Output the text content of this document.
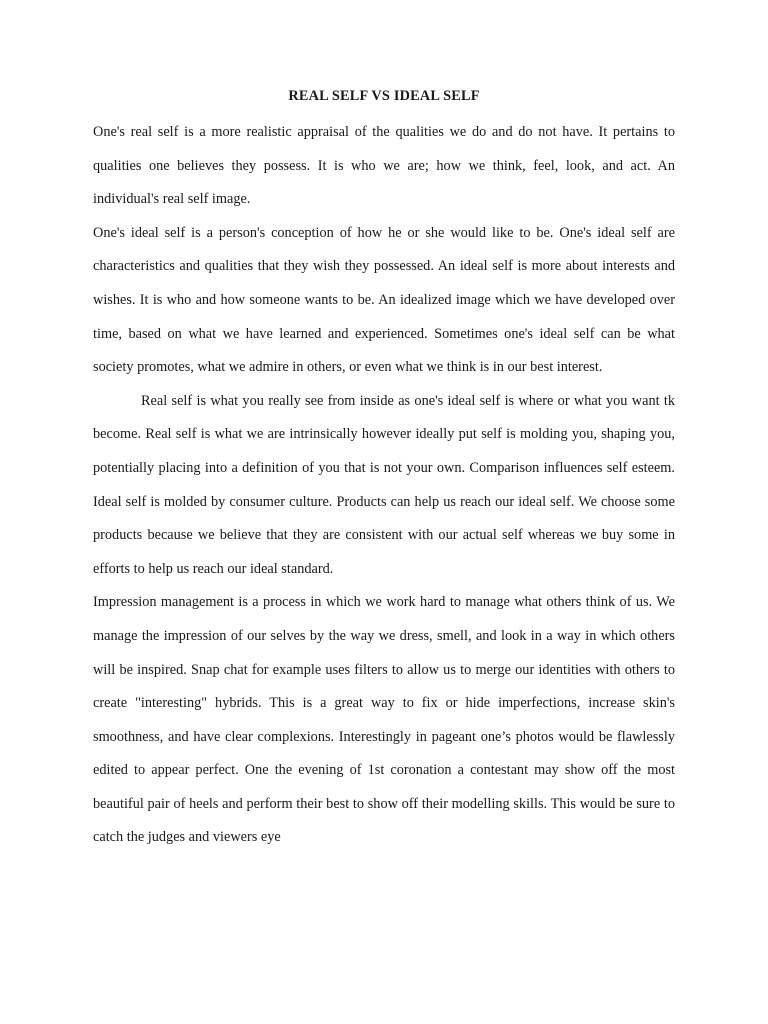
REAL SELF VS IDEAL SELF

One's real self is a more realistic appraisal of the qualities we do and do not have. It pertains to qualities one believes they possess. It is who we are; how we think, feel, look, and act. An individual's real self image.

One's ideal self is a person's conception of how he or she would like to be. One's ideal self are characteristics and qualities that they wish they possessed. An ideal self is more about interests and wishes. It is who and how someone wants to be. An idealized image which we have developed over time, based on what we have learned and experienced. Sometimes one's ideal self can be what society promotes, what we admire in others, or even what we think is in our best interest.

Real self is what you really see from inside as one's ideal self is where or what you want tk become. Real self is what we are intrinsically however ideally put self is molding you, shaping you, potentially placing into a definition of you that is not your own. Comparison influences self esteem. Ideal self is molded by consumer culture. Products can help us reach our ideal self. We choose some products because we believe that they are consistent with our actual self whereas we buy some in efforts to help us reach our ideal standard.

Impression management is a process in which we work hard to manage what others think of us. We manage the impression of our selves by the way we dress, smell, and look in a way in which others will be inspired. Snap chat for example uses filters to allow us to merge our identities with others to create "interesting" hybrids. This is a great way to fix or hide imperfections, increase skin's smoothness, and have clear complexions. Interestingly in pageant one’s photos would be flawlessly edited to appear perfect. One the evening of 1st coronation a contestant may show off the most beautiful pair of heels and perform their best to show off their modelling skills. This would be sure to catch the judges and viewers eye
